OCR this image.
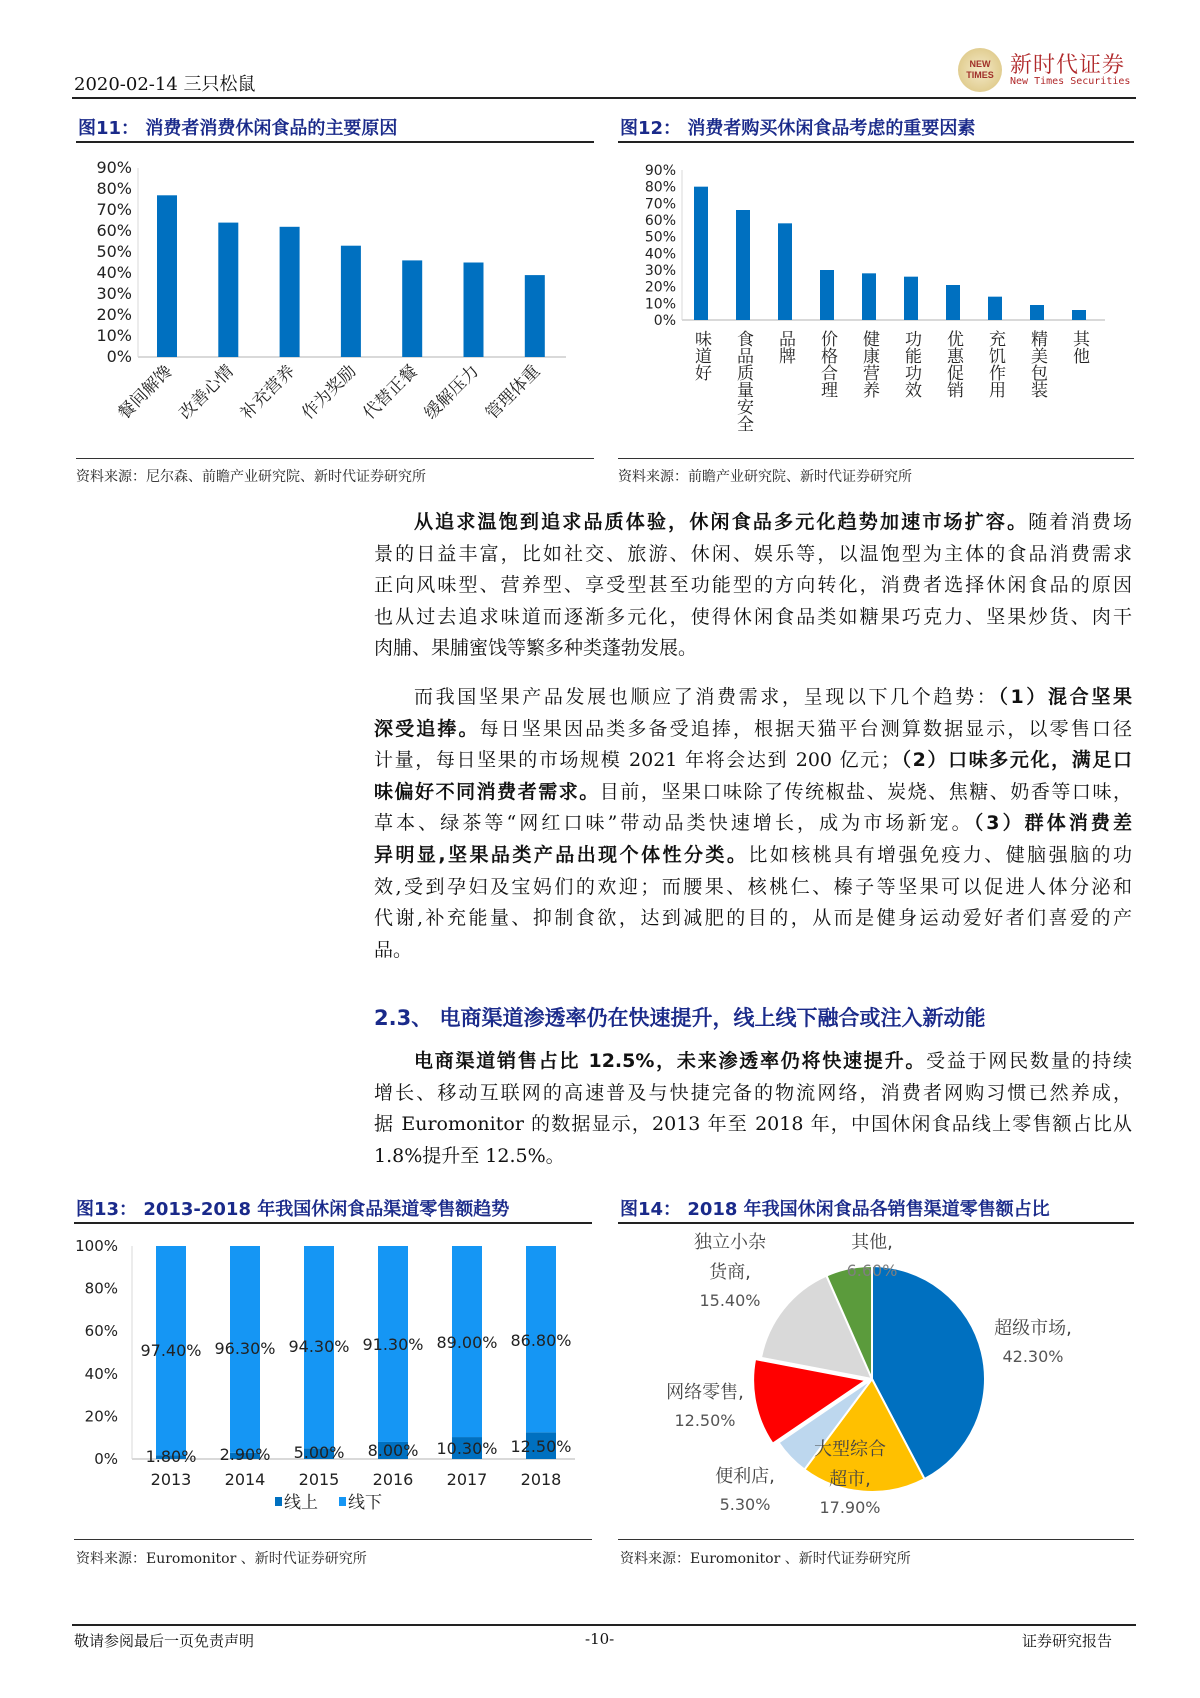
2020-02-14 三只松鼠
NEW
TIMES 新时代证券
New Times Securities
图11： 消费者消费休闲食品的主要原因	图12： 消费者购买休闲食品考虑的重要因素
资料来源：尼尔森、前瞻产业研究院、新时代证券研究所	资料来源：前瞻产业研究院、新时代证券研究所
从追求温饱到追求品质体验，休闲食品多元化趋势加速市场扩容。随着消费场
景的日益丰富，比如社交、旅游、休闲、娱乐等，以温饱型为主体的食品消费需求
正向风味型、营养型、享受型甚至功能型的方向转化，消费者选择休闲食品的原因
也从过去追求味道而逐渐多元化，使得休闲食品类如糖果巧克力、坚果炒货、肉干
肉脯、果脯蜜饯等繁多种类蓬勃发展。
而我国坚果产品发展也顺应了消费需求，呈现以下几个趋势：（1）混合坚果
深受追捧。每日坚果因品类多备受追捧，根据天猫平台测算数据显示，以零售口径
计量，每日坚果的市场规模 2021 年将会达到 200 亿元；（2）口味多元化，满足口
味偏好不同消费者需求。目前，坚果口味除了传统椒盐、炭烧、焦糖、奶香等口味，
草本、绿茶等“网红口味”带动品类快速增长，成为市场新宠。（3）群体消费差
异明显,坚果品类产品出现个体性分类。比如核桃具有增强免疫力、健脑强脑的功
效,受到孕妇及宝妈们的欢迎；而腰果、核桃仁、榛子等坚果可以促进人体分泌和
代谢,补充能量、抑制食欲，达到减肥的目的，从而是健身运动爱好者们喜爱的产
品。
2.3、 电商渠道渗透率仍在快速提升，线上线下融合或注入新动能
电商渠道销售占比 12.5%，未来渗透率仍将快速提升。受益于网民数量的持续
增长、移动互联网的高速普及与快捷完备的物流网络，消费者网购习惯已然养成，
据 Euromonitor 的数据显示，2013 年至 2018 年，中国休闲食品线上零售额占比从
1.8%提升至 12.5%。
图13： 2013-2018 年我国休闲食品渠道零售额趋势	图14： 2018 年我国休闲食品各销售渠道零售额占比
资料来源：Euromonitor 、新时代证券研究所	资料来源：Euromonitor 、新时代证券研究所
敬请参阅最后一页免责声明	-10-	证券研究报告
0%
10%
20%
30%
40%
50%
60%
70%
80%
90%
餐间解馋 改善心情 补充营养 作为奖励 代替正餐 缓解压力 管理体重
0%
10%
20%
30%
40%
50%
60%
70%
80%
90%
味道好 食品质量安全 品牌 价格合理 健康营养 功能功效 优惠促销 充饥作用 精美包装 其他
0%
20%
40%
60%
80%
100%
97.40%
1.80%
2013
96.30%
2.90%
2014
94.30%
5.00%
2015
91.30%
8.00%
2016
89.00%
10.30%
2017
86.80%
12.50%
2018
线上 线下
超级市场,
42.30%
大型综合
超市,
17.90%
便利店,
5.30%
网络零售,
12.50%
独立小杂
货商,
15.40%
其他,
6.60%
